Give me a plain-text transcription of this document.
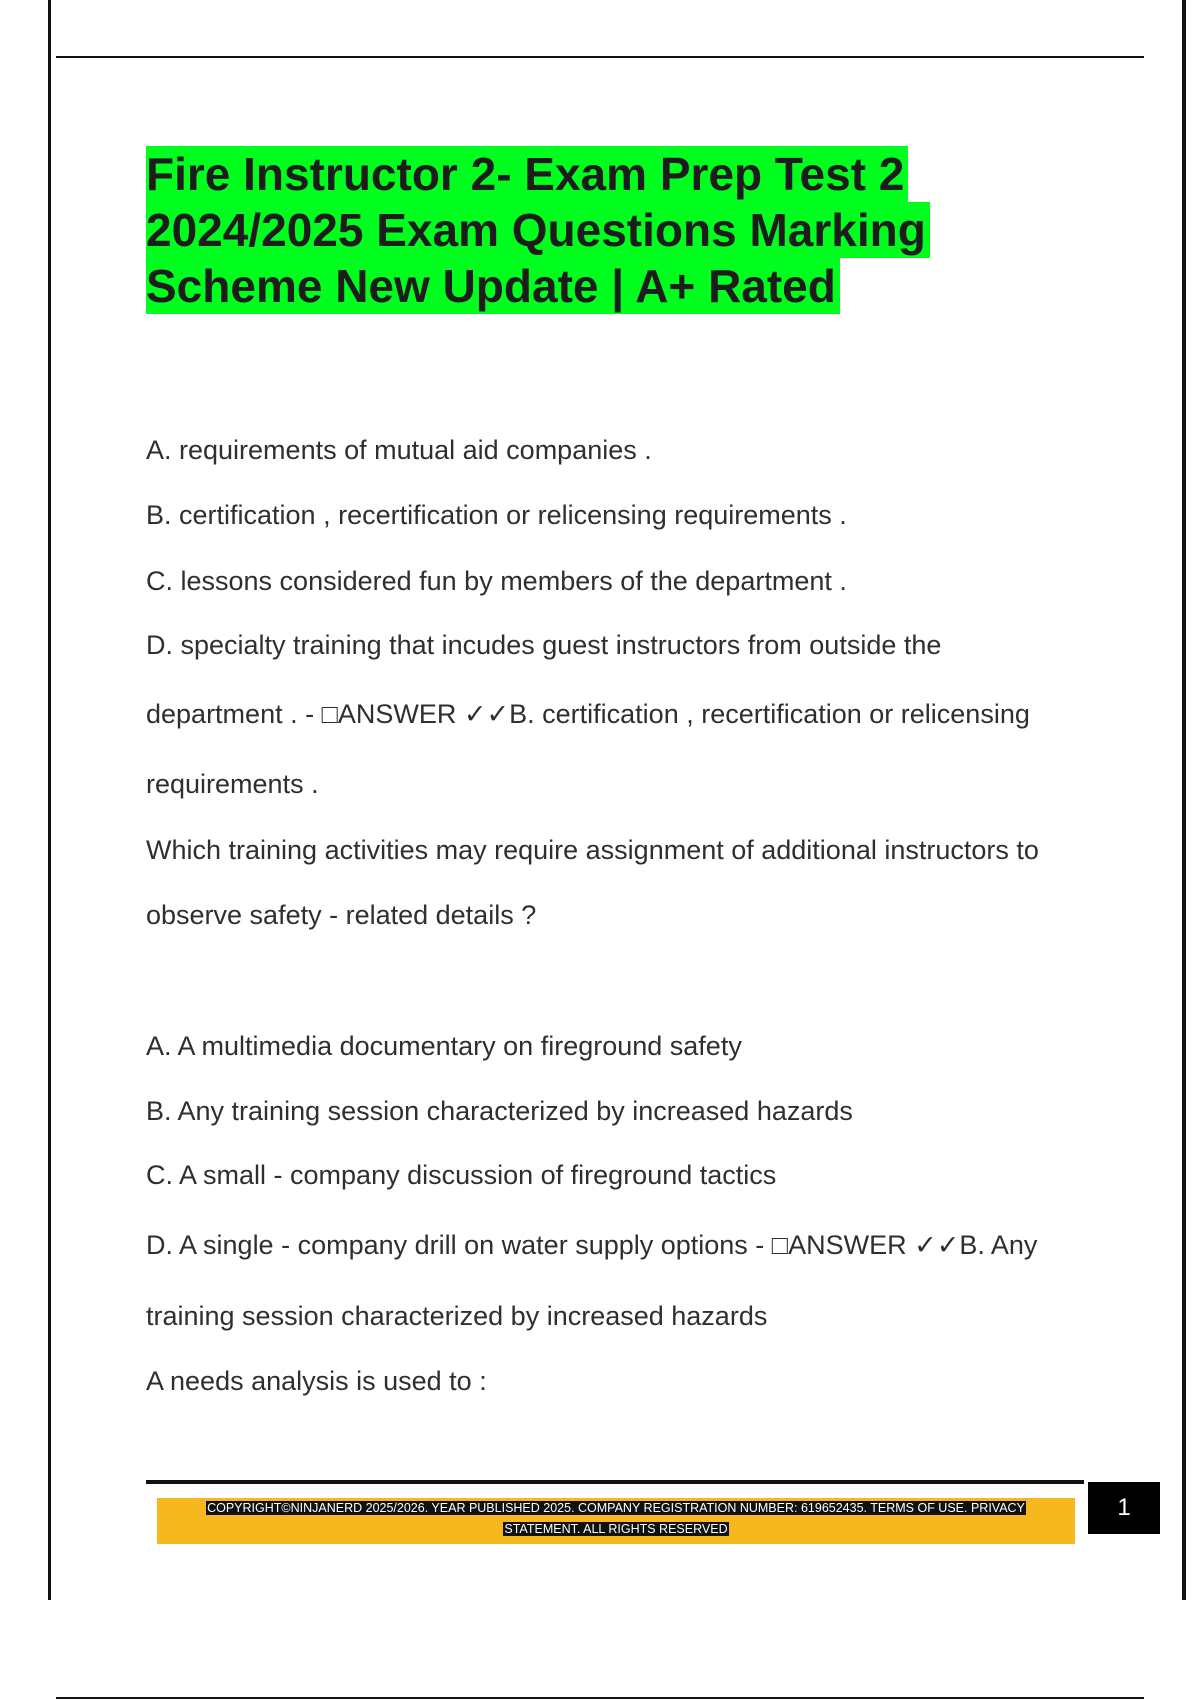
Fire Instructor 2- Exam Prep Test 2
2024/2025 Exam Questions Marking
Scheme New Update | A+ Rated
A. requirements of mutual aid companies .
B. certification , recertification or relicensing requirements .
C. lessons considered fun by members of the department .
D. specialty training that incudes guest instructors from outside the
department . - □ANSWER ✓✓B. certification , recertification or relicensing
requirements .
Which training activities may require assignment of additional instructors to
observe safety - related details ?
A. A multimedia documentary on fireground safety
B. Any training session characterized by increased hazards
C. A small - company discussion of fireground tactics
D. A single - company drill on water supply options - □ANSWER ✓✓B. Any
training session characterized by increased hazards
A needs analysis is used to :
COPYRIGHT©NINJANERD 2025/2026. YEAR PUBLISHED 2025. COMPANY REGISTRATION NUMBER: 619652435. TERMS OF USE. PRIVACY
STATEMENT. ALL RIGHTS RESERVED
1
